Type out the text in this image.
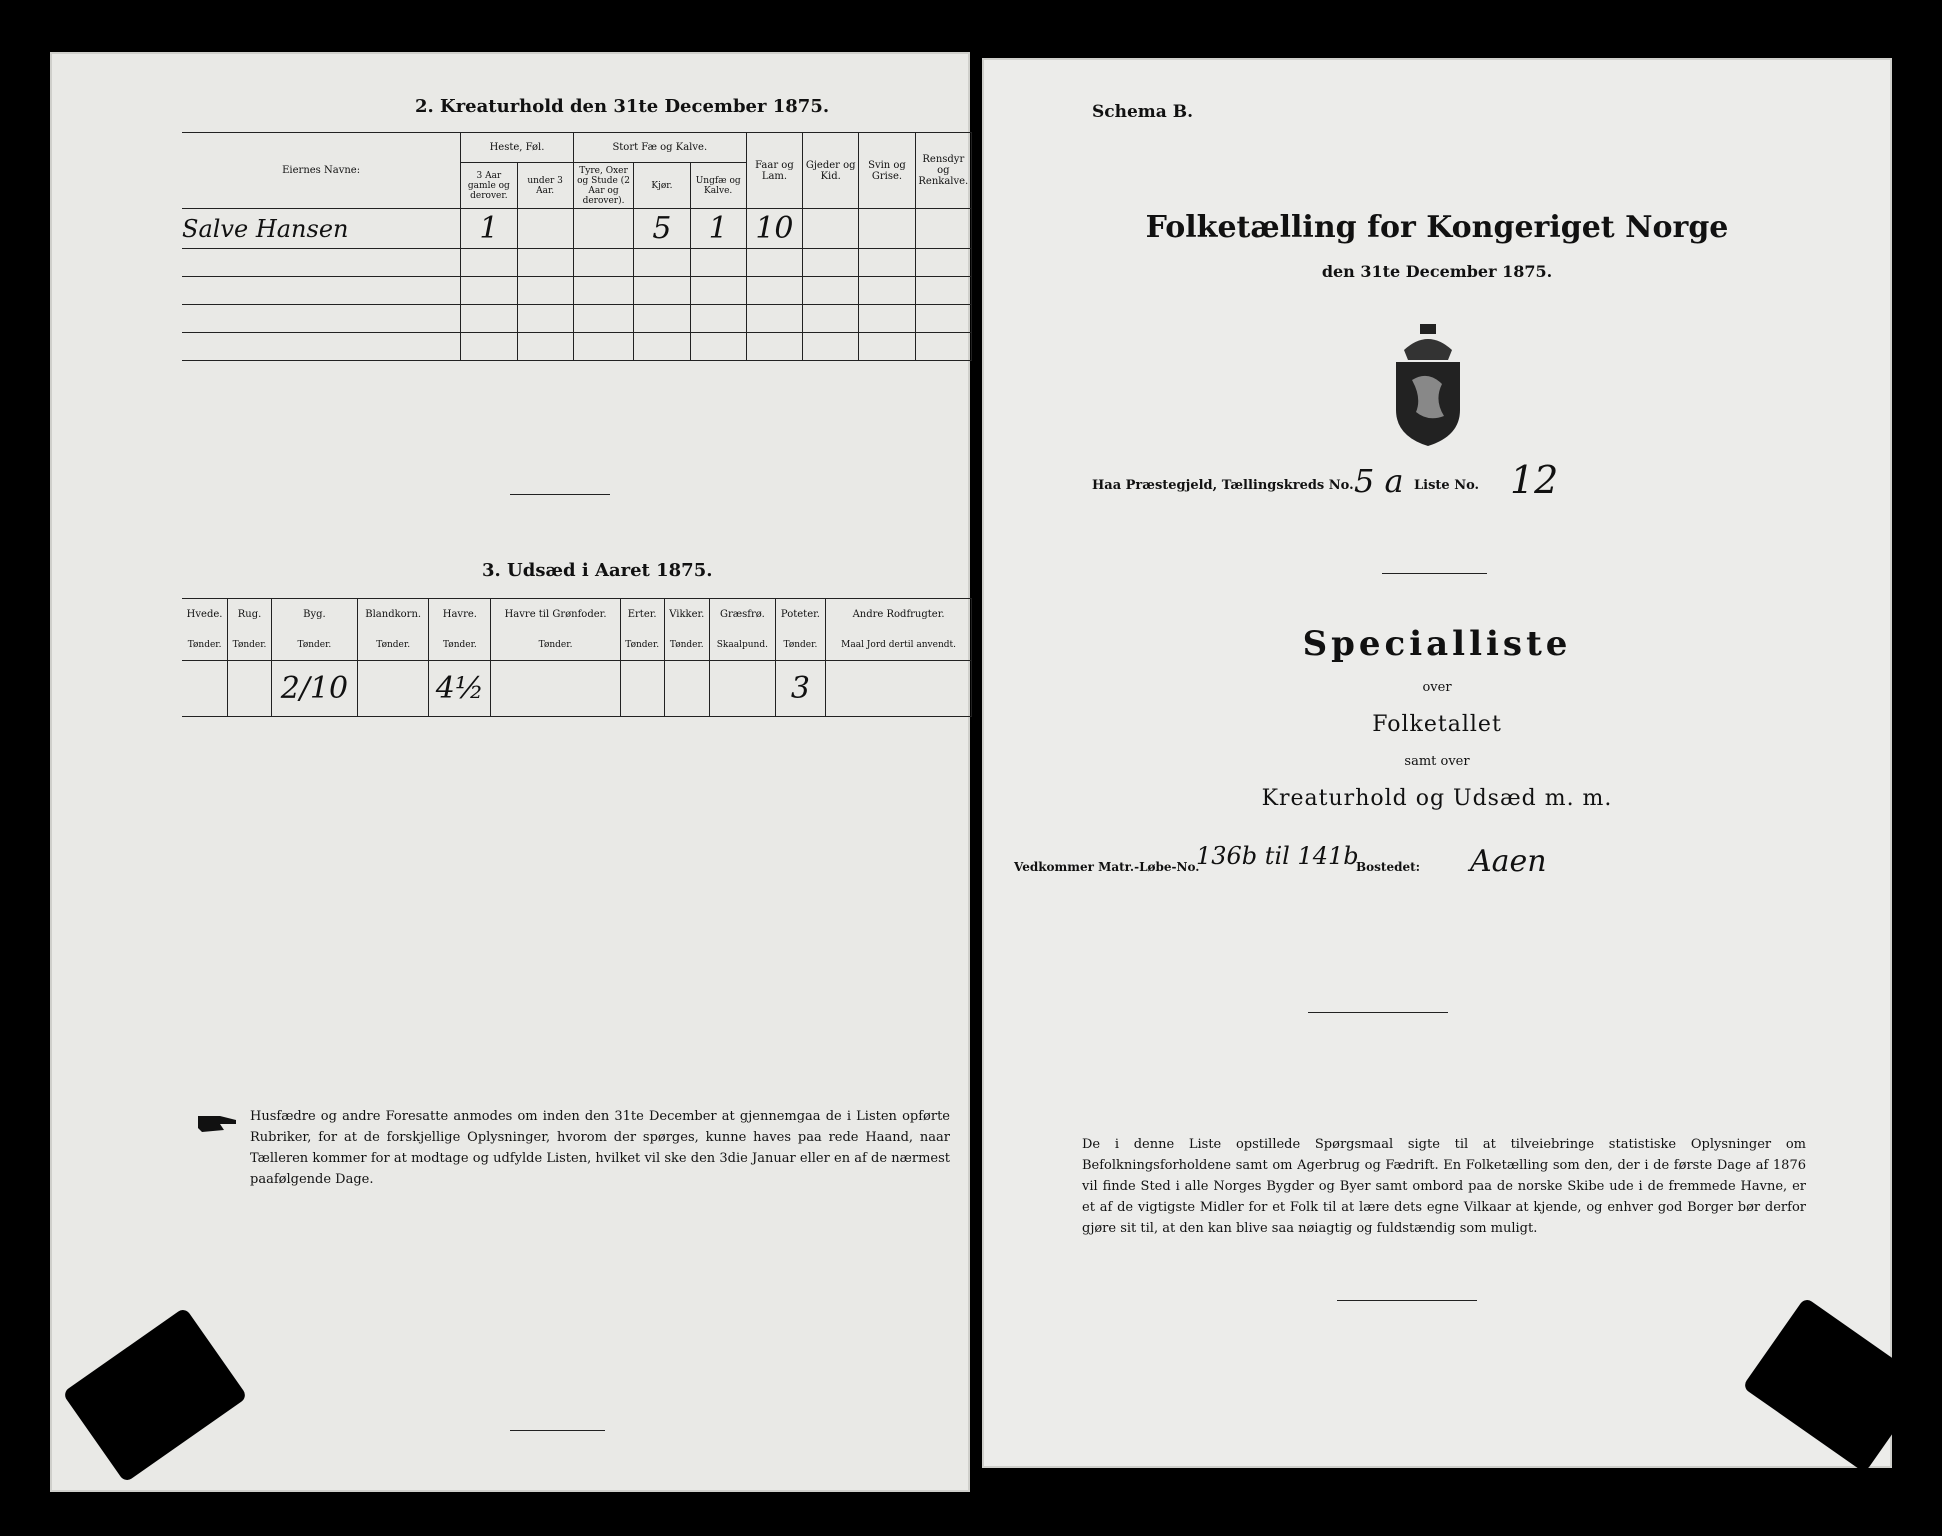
2. Kreaturhold den 31te December 1875.
Eiernes Navne:	Heste, Føl.		Stort Fæ og Kalve.			Faar og Lam.	Gjeder og Kid.	Svin og Grise.	Rensdyr og Renkalve.
	3 Aar gamle og derover.	under 3 Aar.	Tyre, Oxer og Stude (2 Aar og derover).	Kjør.	Ungfæ og Kalve.				
Salve Hansen	1			5	1	10			

3. Udsæd i Aaret 1875.
Hvede.	Rug.	Byg.	Blandkorn.	Havre.	Havre til Grønfoder.	Erter.	Vikker.	Græsfrø.	Poteter.	Andre Rodfrugter.
Tønder.	Tønder.	Tønder.	Tønder.	Tønder.	Tønder.	Tønder.	Tønder.	Skaalpund.	Tønder.	Maal Jord dertil anvendt.
		2/10		4½					3	
Husfædre og andre Foresatte anmodes om inden den 31te December at gjennemgaa de i Listen opførte Rubriker, for at de forskjellige Oplysninger, hvorom der spørges, kunne haves paa rede Haand, naar Tælleren kommer for at modtage og udfylde Listen, hvilket vil ske den 3die Januar eller en af de nærmest paafølgende Dage.
Schema B.
Folketælling for Kongeriget Norge
den 31te December 1875.
Haa Præstegjeld, Tællingskreds No. 5 a Liste No. 12
Specialliste
over
Folketallet
samt over
Kreaturhold og Udsæd m. m.
Vedkommer Matr.-Løbe-No.
136b til 141b
Bostedet: Aaen
De i denne Liste opstillede Spørgsmaal sigte til at tilveiebringe statistiske Oplysninger om Befolkningsforholdene samt om Agerbrug og Fædrift. En Folketælling som den, der i de første Dage af 1876 vil finde Sted i alle Norges Bygder og Byer samt ombord paa de norske Skibe ude i de fremmede Havne, er et af de vigtigste Midler for et Folk til at lære dets egne Vilkaar at kjende, og enhver god Borger bør derfor gjøre sit til, at den kan blive saa nøiagtig og fuldstændig som muligt.
